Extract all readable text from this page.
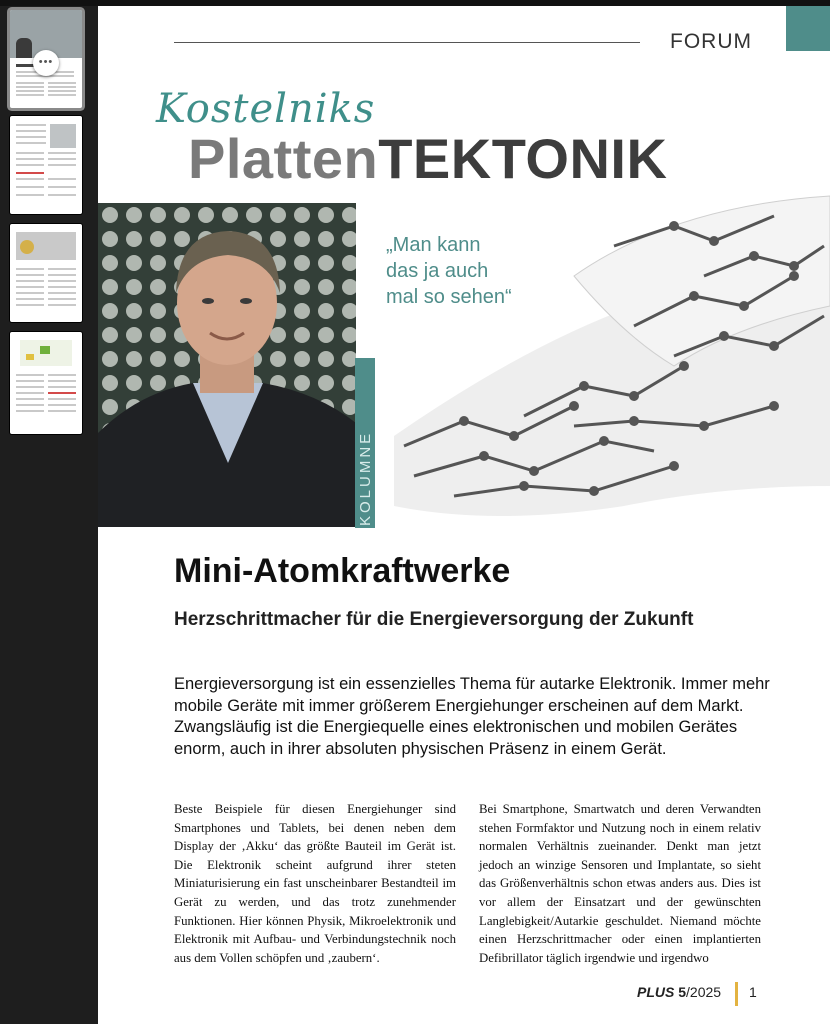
•••
FORUM
Kostelniks
PlattenTEKTONIK
KOLUMNE
„Man kann
das ja auch
mal so sehen“
Mini-Atomkraftwerke
Herzschrittmacher für die Energieversorgung der Zukunft
Energieversorgung ist ein essenzielles Thema für autarke Elektronik. Immer mehr mobile Geräte mit immer größerem Energiehunger erscheinen auf dem Markt. Zwangsläufig ist die Energiequelle eines elektronischen und mobilen Gerätes enorm, auch in ihrer absoluten physischen Präsenz in einem Gerät.
Beste Beispiele für diesen Energiehunger sind Smartphones und Tablets, bei denen neben dem Display der ‚Akku‘ das größte Bauteil im Gerät ist. Die Elektronik scheint aufgrund ihrer steten Miniaturisierung ein fast unscheinbarer Bestandteil im Gerät zu werden, und das trotz zunehmender Funktionen. Hier können Physik, Mikroelektronik und Elektronik mit Aufbau- und Verbindungstechnik noch aus dem Vollen schöpfen und ‚zaubern‘.
Bei Smartphone, Smartwatch und deren Verwandten stehen Formfaktor und Nutzung noch in einem relativ normalen Verhältnis zueinander. Denkt man jetzt jedoch an winzige Sensoren und Implantate, so sieht das Größenverhältnis schon etwas anders aus. Dies ist vor allem der Einsatzart und der gewünschten Langlebigkeit/Autarkie geschuldet. Niemand möchte einen Herzschrittmacher oder einen implantierten Defibrillator täglich irgendwie und irgendwo
PLUS 5/2025 1
